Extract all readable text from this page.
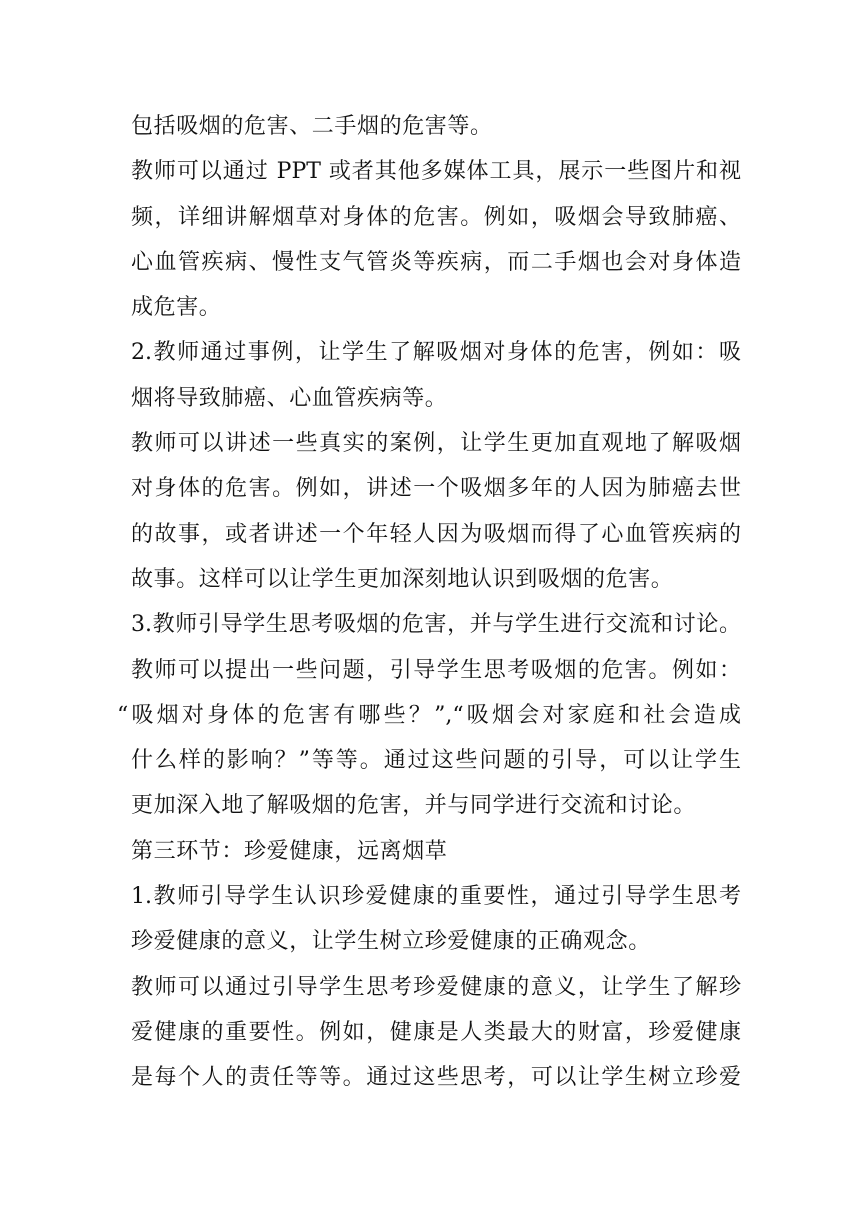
包括吸烟的危害、二手烟的危害等。
教师可以通过 PPT 或者其他多媒体工具，展示一些图片和视
频，详细讲解烟草对身体的危害。例如，吸烟会导致肺癌、
心血管疾病、慢性支气管炎等疾病，而二手烟也会对身体造
成危害。
2.教师通过事例，让学生了解吸烟对身体的危害，例如：吸
烟将导致肺癌、心血管疾病等。
教师可以讲述一些真实的案例，让学生更加直观地了解吸烟
对身体的危害。例如，讲述一个吸烟多年的人因为肺癌去世
的故事，或者讲述一个年轻人因为吸烟而得了心血管疾病的
故事。这样可以让学生更加深刻地认识到吸烟的危害。
3.教师引导学生思考吸烟的危害，并与学生进行交流和讨论。
教师可以提出一些问题，引导学生思考吸烟的危害。例如：
“吸烟对身体的危害有哪些？”,“吸烟会对家庭和社会造成
什么样的影响？”等等。通过这些问题的引导，可以让学生
更加深入地了解吸烟的危害，并与同学进行交流和讨论。
第三环节：珍爱健康，远离烟草
1.教师引导学生认识珍爱健康的重要性，通过引导学生思考
珍爱健康的意义，让学生树立珍爱健康的正确观念。
教师可以通过引导学生思考珍爱健康的意义，让学生了解珍
爱健康的重要性。例如，健康是人类最大的财富，珍爱健康
是每个人的责任等等。通过这些思考，可以让学生树立珍爱
